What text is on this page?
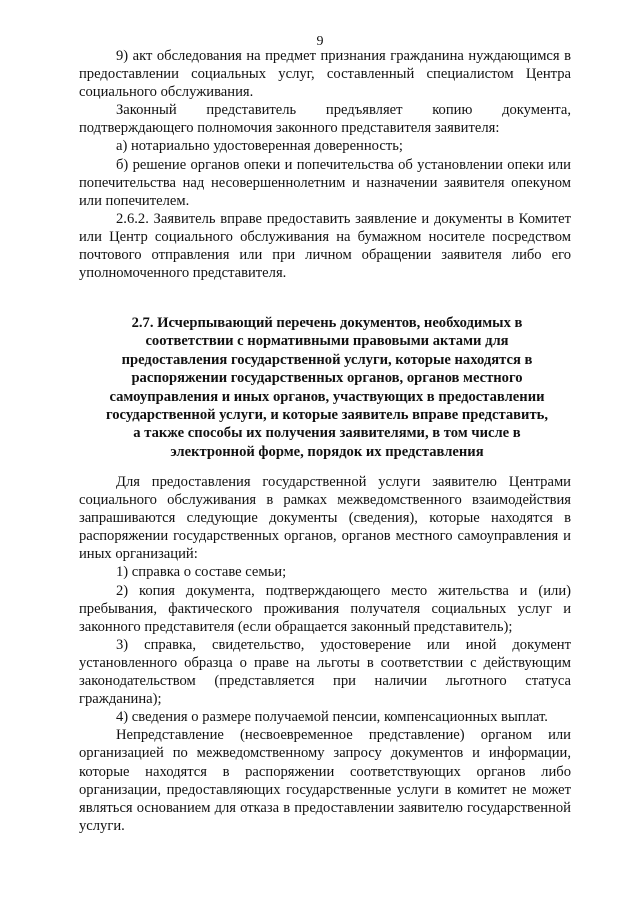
9

9) акт обследования на предмет признания гражданина нуждающимся в предоставлении социальных услуг, составленный специалистом Центра социального обслуживания.

Законный представитель предъявляет копию документа, подтверждающего полномочия законного представителя заявителя:

а) нотариально удостоверенная доверенность;

б) решение органов опеки и попечительства об установлении опеки или попечительства над несовершеннолетним и назначении заявителя опекуном или попечителем.

2.6.2. Заявитель вправе предоставить заявление и документы в Комитет или Центр социального обслуживания на бумажном носителе посредством почтового отправления или при личном обращении заявителя либо его уполномоченного представителя.

2.7. Исчерпывающий перечень документов, необходимых в соответствии с нормативными правовыми актами для предоставления государственной услуги, которые находятся в распоряжении государственных органов, органов местного самоуправления и иных органов, участвующих в предоставлении государственной услуги, и которые заявитель вправе представить, а также способы их получения заявителями, в том числе в электронной форме, порядок их представления

Для предоставления государственной услуги заявителю Центрами социального обслуживания в рамках межведомственного взаимодействия запрашиваются следующие документы (сведения), которые находятся в распоряжении государственных органов, органов местного самоуправления и иных организаций:

1) справка о составе семьи;

2) копия документа, подтверждающего место жительства и (или) пребывания, фактического проживания получателя социальных услуг и законного представителя (если обращается законный представитель);

3) справка, свидетельство, удостоверение или иной документ установленного образца о праве на льготы в соответствии с действующим законодательством (представляется при наличии льготного статуса гражданина);

4) сведения о размере получаемой пенсии, компенсационных выплат.

Непредставление (несвоевременное представление) органом или организацией по межведомственному запросу документов и информации, которые находятся в распоряжении соответствующих органов либо организации, предоставляющих государственные услуги в комитет не может являться основанием для отказа в предоставлении заявителю государственной услуги.
